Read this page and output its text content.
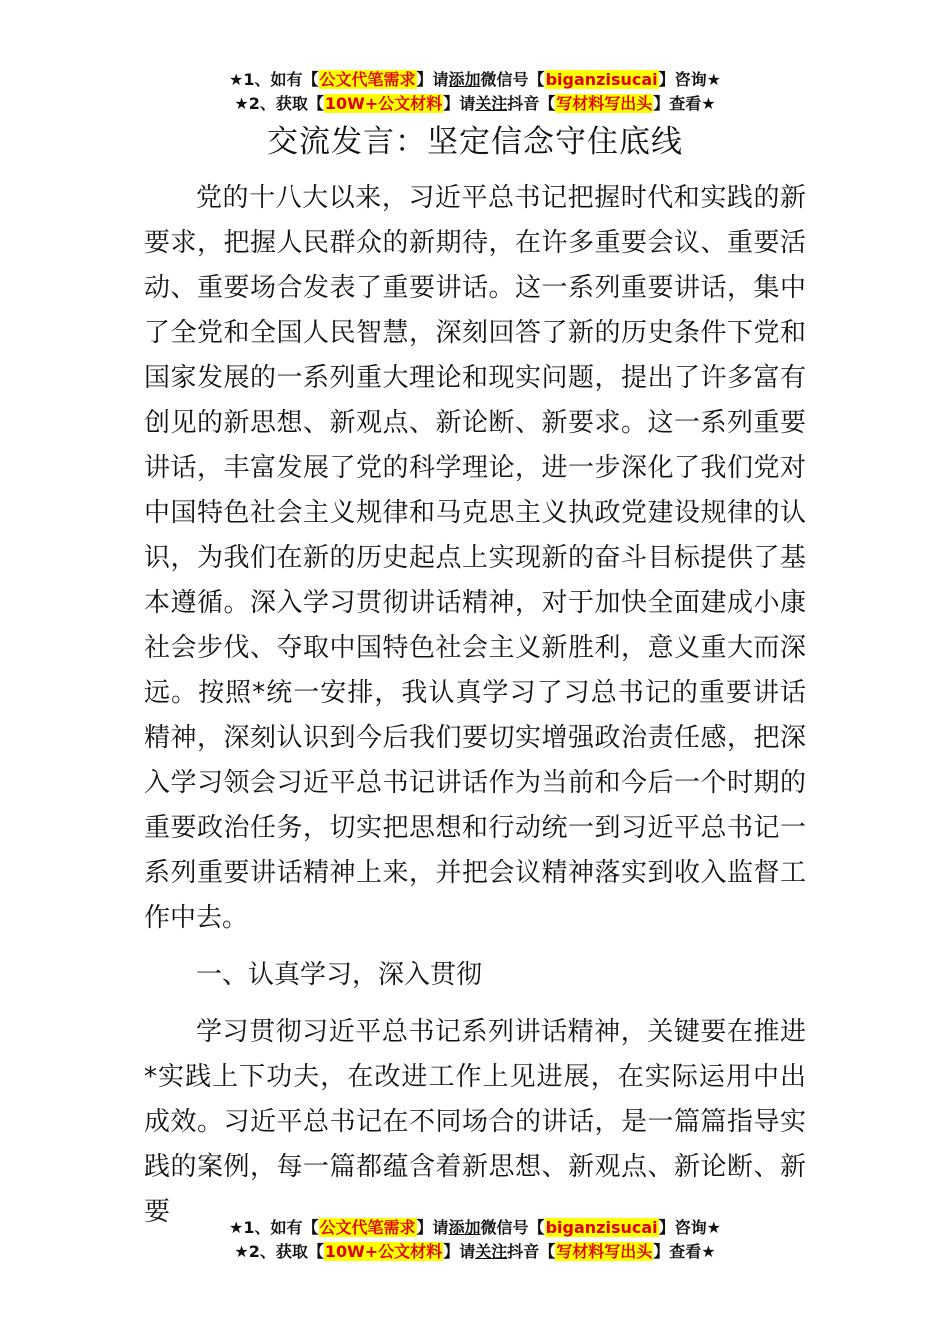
★1、如有【公文代笔需求】请添加微信号【biganzisucai】咨询★
★2、获取【10W+公文材料】请关注抖音【写材料写出头】查看★
交流发言：坚定信念守住底线

党的十八大以来，习近平总书记把握时代和实践的新要求，把握人民群众的新期待，在许多重要会议、重要活动、重要场合发表了重要讲话。这一系列重要讲话，集中了全党和全国人民智慧，深刻回答了新的历史条件下党和国家发展的一系列重大理论和现实问题，提出了许多富有创见的新思想、新观点、新论断、新要求。这一系列重要讲话，丰富发展了党的科学理论，进一步深化了我们党对中国特色社会主义规律和马克思主义执政党建设规律的认识，为我们在新的历史起点上实现新的奋斗目标提供了基本遵循。深入学习贯彻讲话精神，对于加快全面建成小康社会步伐、夺取中国特色社会主义新胜利，意义重大而深远。按照*统一安排，我认真学习了习总书记的重要讲话精神，深刻认识到今后我们要切实增强政治责任感，把深入学习领会习近平总书记讲话作为当前和今后一个时期的重要政治任务，切实把思想和行动统一到习近平总书记一系列重要讲话精神上来，并把会议精神落实到收入监督工作中去。

一、认真学习，深入贯彻

学习贯彻习近平总书记系列讲话精神，关键要在推进*实践上下功夫，在改进工作上见进展，在实际运用中出成效。习近平总书记在不同场合的讲话，是一篇篇指导实践的案例，每一篇都蕴含着新思想、新观点、新论断、新要

★1、如有【公文代笔需求】请添加微信号【biganzisucai】咨询★
★2、获取【10W+公文材料】请关注抖音【写材料写出头】查看★
